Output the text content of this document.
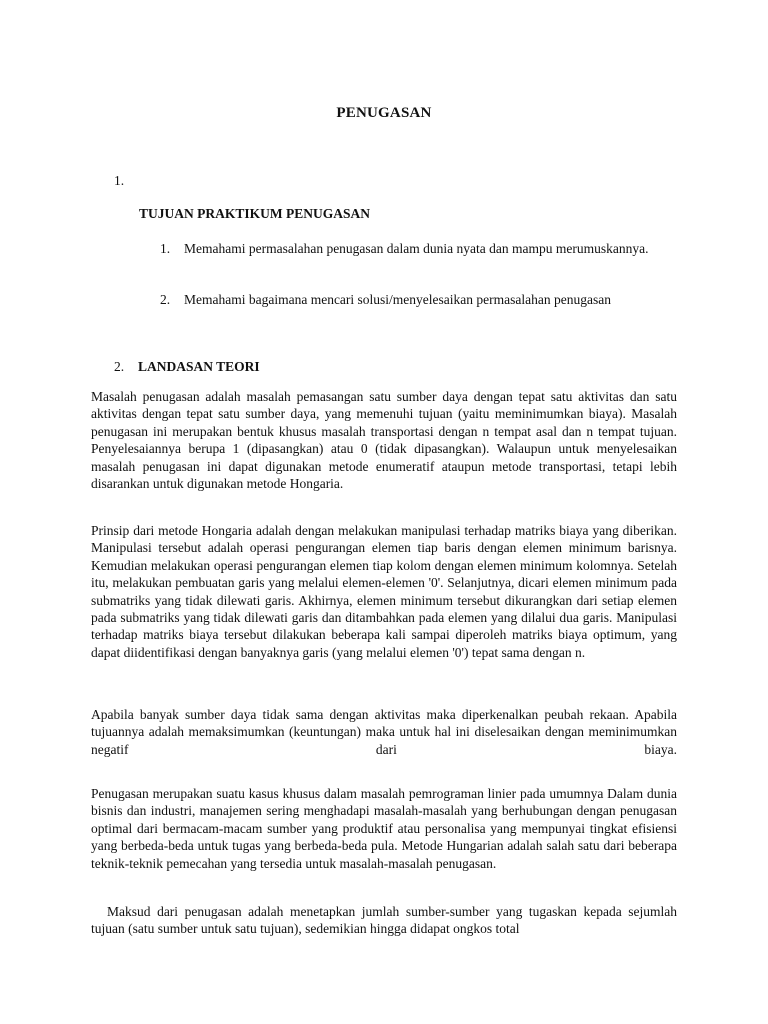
PENUGASAN
1.
TUJUAN PRAKTIKUM PENUGASAN
1. Memahami permasalahan penugasan dalam dunia nyata dan mampu merumuskannya.
2. Memahami bagaimana mencari solusi/menyelesaikan permasalahan penugasan
2. LANDASAN TEORI

Masalah penugasan adalah masalah pemasangan satu sumber daya dengan tepat satu aktivitas dan satu aktivitas dengan tepat satu sumber daya, yang memenuhi tujuan (yaitu meminimumkan biaya). Masalah penugasan ini merupakan bentuk khusus masalah transportasi dengan n tempat asal dan n tempat tujuan. Penyelesaiannya berupa 1 (dipasangkan) atau 0 (tidak dipasangkan). Walaupun untuk menyelesaikan masalah penugasan ini dapat digunakan metode enumeratif ataupun metode transportasi, tetapi lebih disarankan untuk digunakan metode Hongaria.

Prinsip dari metode Hongaria adalah dengan melakukan manipulasi terhadap matriks biaya yang diberikan. Manipulasi tersebut adalah operasi pengurangan elemen tiap baris dengan elemen minimum barisnya. Kemudian melakukan operasi pengurangan elemen tiap kolom dengan elemen minimum kolomnya. Setelah itu, melakukan pembuatan garis yang melalui elemen-elemen '0'. Selanjutnya, dicari elemen minimum pada submatriks yang tidak dilewati garis. Akhirnya, elemen minimum tersebut dikurangkan dari setiap elemen pada submatriks yang tidak dilewati garis dan ditambahkan pada elemen yang dilalui dua garis. Manipulasi terhadap matriks biaya tersebut dilakukan beberapa kali sampai diperoleh matriks biaya optimum, yang dapat diidentifikasi dengan banyaknya garis (yang melalui elemen '0') tepat sama dengan n.

Apabila banyak sumber daya tidak sama dengan aktivitas maka diperkenalkan peubah rekaan. Apabila tujuannya adalah memaksimumkan (keuntungan) maka untuk hal ini diselesaikan dengan meminimumkan negatif dari biaya.

Penugasan merupakan suatu kasus khusus dalam masalah pemrograman linier pada umumnya Dalam dunia bisnis dan industri, manajemen sering menghadapi masalah-masalah yang berhubungan dengan penugasan optimal dari bermacam-macam sumber yang produktif atau personalisa yang mempunyai tingkat efisiensi yang berbeda-beda untuk tugas yang berbeda-beda pula. Metode Hungarian adalah salah satu dari beberapa teknik-teknik pemecahan yang tersedia untuk masalah-masalah penugasan.

Maksud dari penugasan adalah menetapkan jumlah sumber-sumber yang tugaskan kepada sejumlah tujuan (satu sumber untuk satu tujuan), sedemikian hingga didapat ongkos total
